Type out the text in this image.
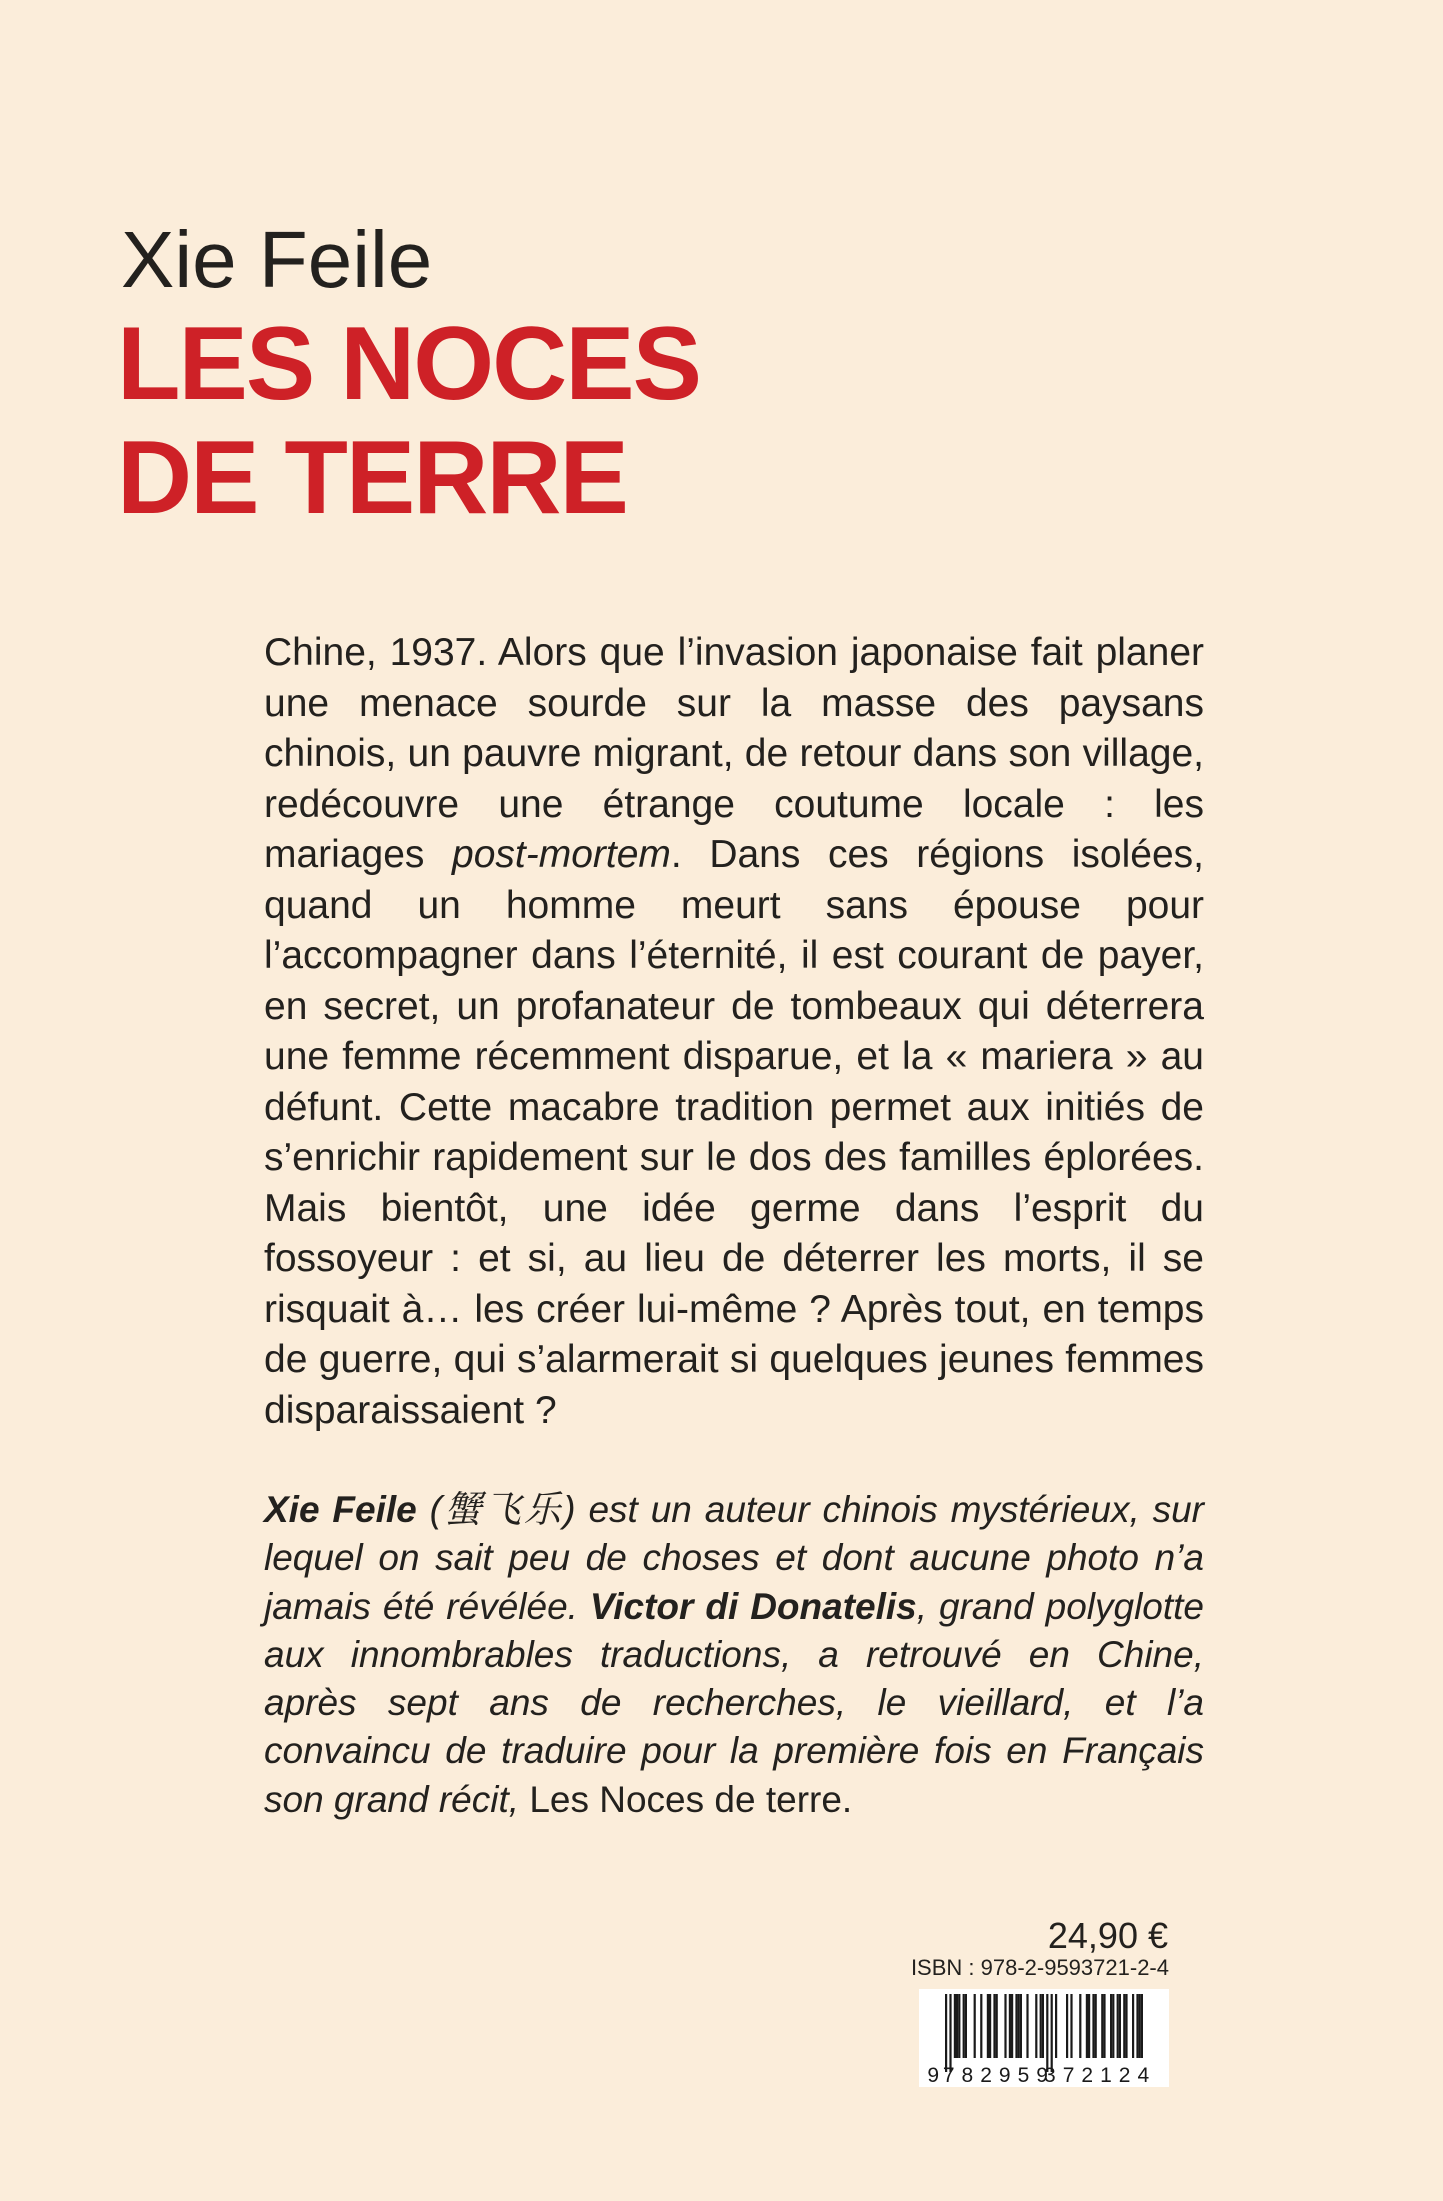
Xie Feile
LES NOCES
DE TERRE

Chine, 1937. Alors que l’invasion japonaise fait planer une menace sourde sur la masse des paysans chinois, un pauvre migrant, de retour dans son village, redécouvre une étrange coutume locale : les mariages post-mortem. Dans ces régions isolées, quand un homme meurt sans épouse pour l’accompagner dans l’éternité, il est courant de payer, en secret, un profanateur de tombeaux qui déterrera une femme récemment disparue, et la « mariera » au défunt. Cette macabre tradition permet aux initiés de s’enrichir rapidement sur le dos des familles éplorées. Mais bientôt, une idée germe dans l’esprit du fossoyeur : et si, au lieu de déterrer les morts, il se risquait à… les créer lui-même ? Après tout, en temps de guerre, qui s’alarmerait si quelques jeunes femmes disparaissaient ?

Xie Feile (蟹飞乐) est un auteur chinois mystérieux, sur lequel on sait peu de choses et dont aucune photo n’a jamais été révélée. Victor di Donatelis, grand polyglotte aux innombrables traductions, a retrouvé en Chine, après sept ans de recherches, le vieillard, et l’a convaincu de traduire pour la première fois en Français son grand récit, Les Noces de terre.

24,90 €
ISBN : 978-2-9593721-2-4
9 782959
372124
